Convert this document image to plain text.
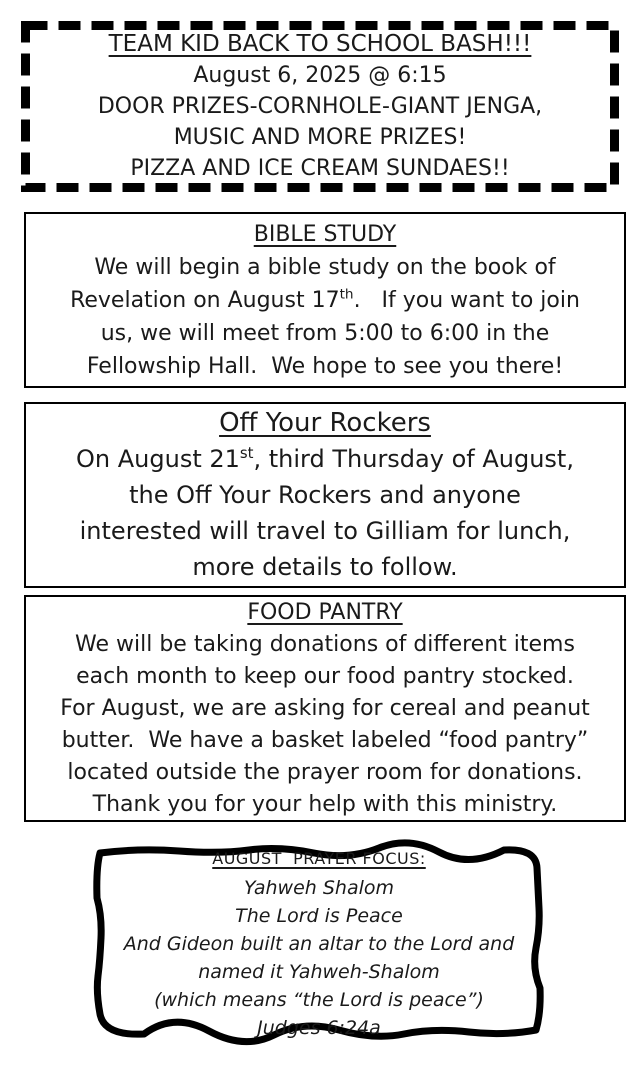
TEAM KID BACK TO SCHOOL BASH!!!
August 6, 2025 @ 6:15
DOOR PRIZES-CORNHOLE-GIANT JENGA,
MUSIC AND MORE PRIZES!
PIZZA AND ICE CREAM SUNDAES!!
BIBLE STUDY
We will begin a bible study on the book of
Revelation on August 17th.   If you want to join
us, we will meet from 5:00 to 6:00 in the
Fellowship Hall.  We hope to see you there!
Off Your Rockers
On August 21st, third Thursday of August,
the Off Your Rockers and anyone
interested will travel to Gilliam for lunch,
more details to follow.
FOOD PANTRY
We will be taking donations of different items
each month to keep our food pantry stocked.
For August, we are asking for cereal and peanut
butter.  We have a basket labeled “food pantry”
located outside the prayer room for donations.
Thank you for your help with this ministry.
AUGUST  PRAYER FOCUS:
Yahweh Shalom
The Lord is Peace
And Gideon built an altar to the Lord and
named it Yahweh-Shalom
(which means “the Lord is peace”)
Judges 6:24a
